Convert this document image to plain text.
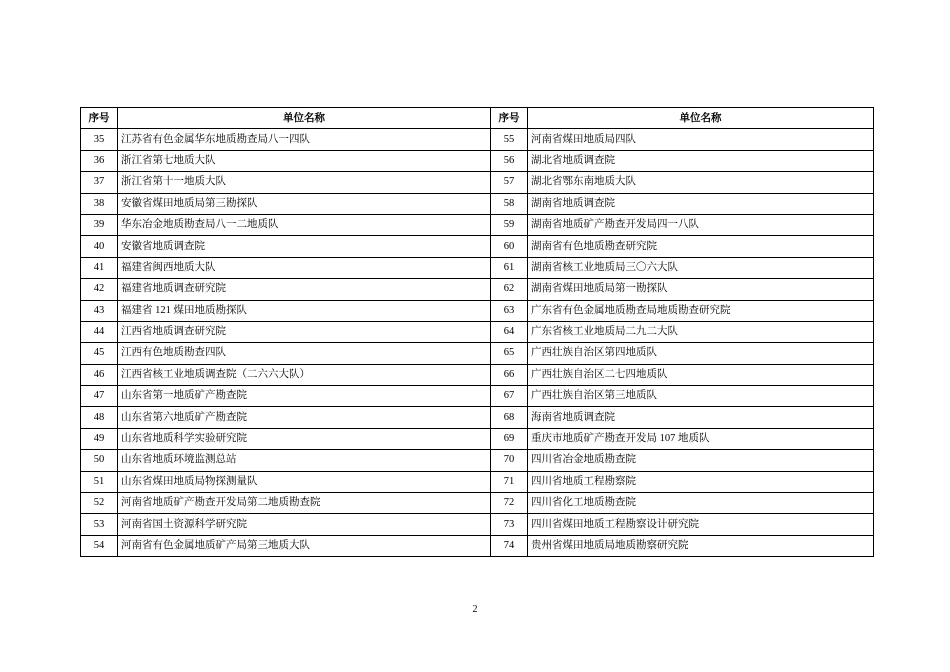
序号	单位名称	序号	单位名称
35	江苏省有色金属华东地质勘查局八一四队	55	河南省煤田地质局四队
36	浙江省第七地质大队	56	湖北省地质调查院
37	浙江省第十一地质大队	57	湖北省鄂东南地质大队
38	安徽省煤田地质局第三勘探队	58	湖南省地质调查院
39	华东冶金地质勘查局八一二地质队	59	湖南省地质矿产勘查开发局四一八队
40	安徽省地质调查院	60	湖南省有色地质勘查研究院
41	福建省闽西地质大队	61	湖南省核工业地质局三〇六大队
42	福建省地质调查研究院	62	湖南省煤田地质局第一勘探队
43	福建省 121 煤田地质勘探队	63	广东省有色金属地质勘查局地质勘查研究院
44	江西省地质调查研究院	64	广东省核工业地质局二九二大队
45	江西有色地质勘查四队	65	广西壮族自治区第四地质队
46	江西省核工业地质调查院（二六六大队）	66	广西壮族自治区二七四地质队
47	山东省第一地质矿产勘查院	67	广西壮族自治区第三地质队
48	山东省第六地质矿产勘查院	68	海南省地质调查院
49	山东省地质科学实验研究院	69	重庆市地质矿产勘查开发局 107 地质队
50	山东省地质环境监测总站	70	四川省冶金地质勘查院
51	山东省煤田地质局物探测量队	71	四川省地质工程勘察院
52	河南省地质矿产勘查开发局第二地质勘查院	72	四川省化工地质勘查院
53	河南省国土资源科学研究院	73	四川省煤田地质工程勘察设计研究院
54	河南省有色金属地质矿产局第三地质大队	74	贵州省煤田地质局地质勘察研究院
2
